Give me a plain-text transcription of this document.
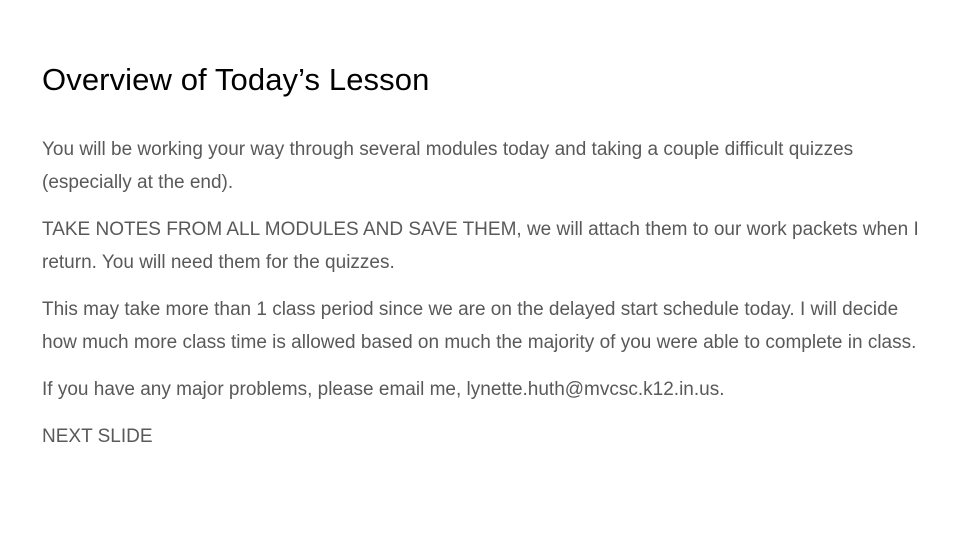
Overview of Today’s Lesson

You will be working your way through several modules today and taking a couple difficult quizzes (especially at the end).

TAKE NOTES FROM ALL MODULES AND SAVE THEM, we will attach them to our work packets when I return. You will need them for the quizzes.

This may take more than 1 class period since we are on the delayed start schedule today. I will decide how much more class time is allowed based on much the majority of you were able to complete in class.

If you have any major problems, please email me, lynette.huth@mvcsc.k12.in.us.

NEXT SLIDE
